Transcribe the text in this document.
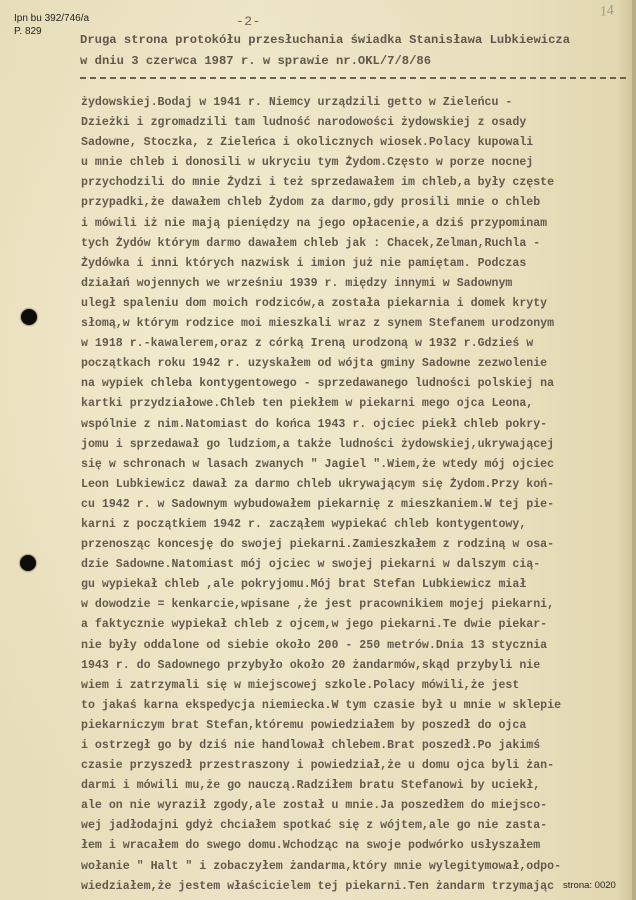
Ipn bu 392/746/a
P. 829
14
-2-
Druga strona protokółu przesłuchania świadka Stanisława Lubkiewicza
w dniu 3 czerwca 1987 r. w sprawie nr.OKL/7/8/86
żydowskiej.Bodaj w 1941 r. Niemcy urządzili getto w Zieleńcu -
Dzieżki i zgromadzili tam ludność narodowości żydowskiej z osady
Sadowne, Stoczka, z Zieleńca i okolicznych wiosek.Polacy kupowali
u mnie chleb i donosili w ukryciu tym Żydom.Często w porze nocnej
przychodzili do mnie Żydzi i też sprzedawałem im chleb,a były częste
przypadki,że dawałem chleb Żydom za darmo,gdy prosili mnie o chleb
i mówili iż nie mają pieniędzy na jego opłacenie,a dziś przypominam
tych Żydów którym darmo dawałem chleb jak : Chacek,Zelman,Ruchla -
Żydówka i inni których nazwisk i imion już nie pamiętam. Podczas
działań wojennych we wrześniu 1939 r. między innymi w Sadownym
uległ spaleniu dom moich rodziców,a została piekarnia i domek kryty
słomą,w którym rodzice moi mieszkali wraz z synem Stefanem urodzonym
w 1918 r.-kawalerem,oraz z córką Ireną urodzoną w 1932 r.Gdzieś w
początkach roku 1942 r. uzyskałem od wójta gminy Sadowne zezwolenie
na wypiek chleba kontygentowego - sprzedawanego ludności polskiej na
kartki przydziałowe.Chleb ten piekłem w piekarni mego ojca Leona,
wspólnie z nim.Natomiast do końca 1943 r. ojciec piekł chleb pokry-
jomu i sprzedawał go ludziom,a także ludności żydowskiej,ukrywającej
się w schronach w lasach zwanych " Jagiel ".Wiem,że wtedy mój ojciec
Leon Lubkiewicz dawał za darmo chleb ukrywającym się Żydom.Przy koń-
cu 1942 r. w Sadownym wybudowałem piekarnię z mieszkaniem.W tej pie-
karni z początkiem 1942 r. zacząłem wypiekać chleb kontygentowy,
przenosząc koncesję do swojej piekarni.Zamieszkałem z rodziną w osa-
dzie Sadowne.Natomiast mój ojciec w swojej piekarni w dalszym cią-
gu wypiekał chleb ,ale pokryjomu.Mój brat Stefan Lubkiewicz miał
w dowodzie = kenkarcie,wpisane ,że jest pracownikiem mojej piekarni,
a faktycznie wypiekał chleb z ojcem,w jego piekarni.Te dwie piekar-
nie były oddalone od siebie około 200 - 250 metrów.Dnia 13 stycznia
1943 r. do Sadownego przybyło około 20 żandarmów,skąd przybyli nie
wiem i zatrzymali się w miejscowej szkole.Polacy mówili,że jest
to jakaś karna ekspedycja niemiecka.W tym czasie był u mnie w sklepie
piekarniczym brat Stefan,któremu powiedziałem by poszedł do ojca
i ostrzegł go by dziś nie handlował chlebem.Brat poszedł.Po jakimś
czasie przyszedł przestraszony i powiedział,że u domu ojca byli żan-
darmi i mówili mu,że go nauczą.Radziłem bratu Stefanowi by uciekł,
ale on nie wyraził zgody,ale został u mnie.Ja poszedłem do miejsco-
wej jadłodajni gdyż chciałem spotkać się z wójtem,ale go nie zasta-
łem i wracałem do swego domu.Wchodząc na swoje podwórko usłyszałem
wołanie " Halt " i zobaczyłem żandarma,który mnie wylegitymował,odpo-
wiedziałem,że jestem właścicielem tej piekarni.Ten żandarm trzymając strona: 0020
